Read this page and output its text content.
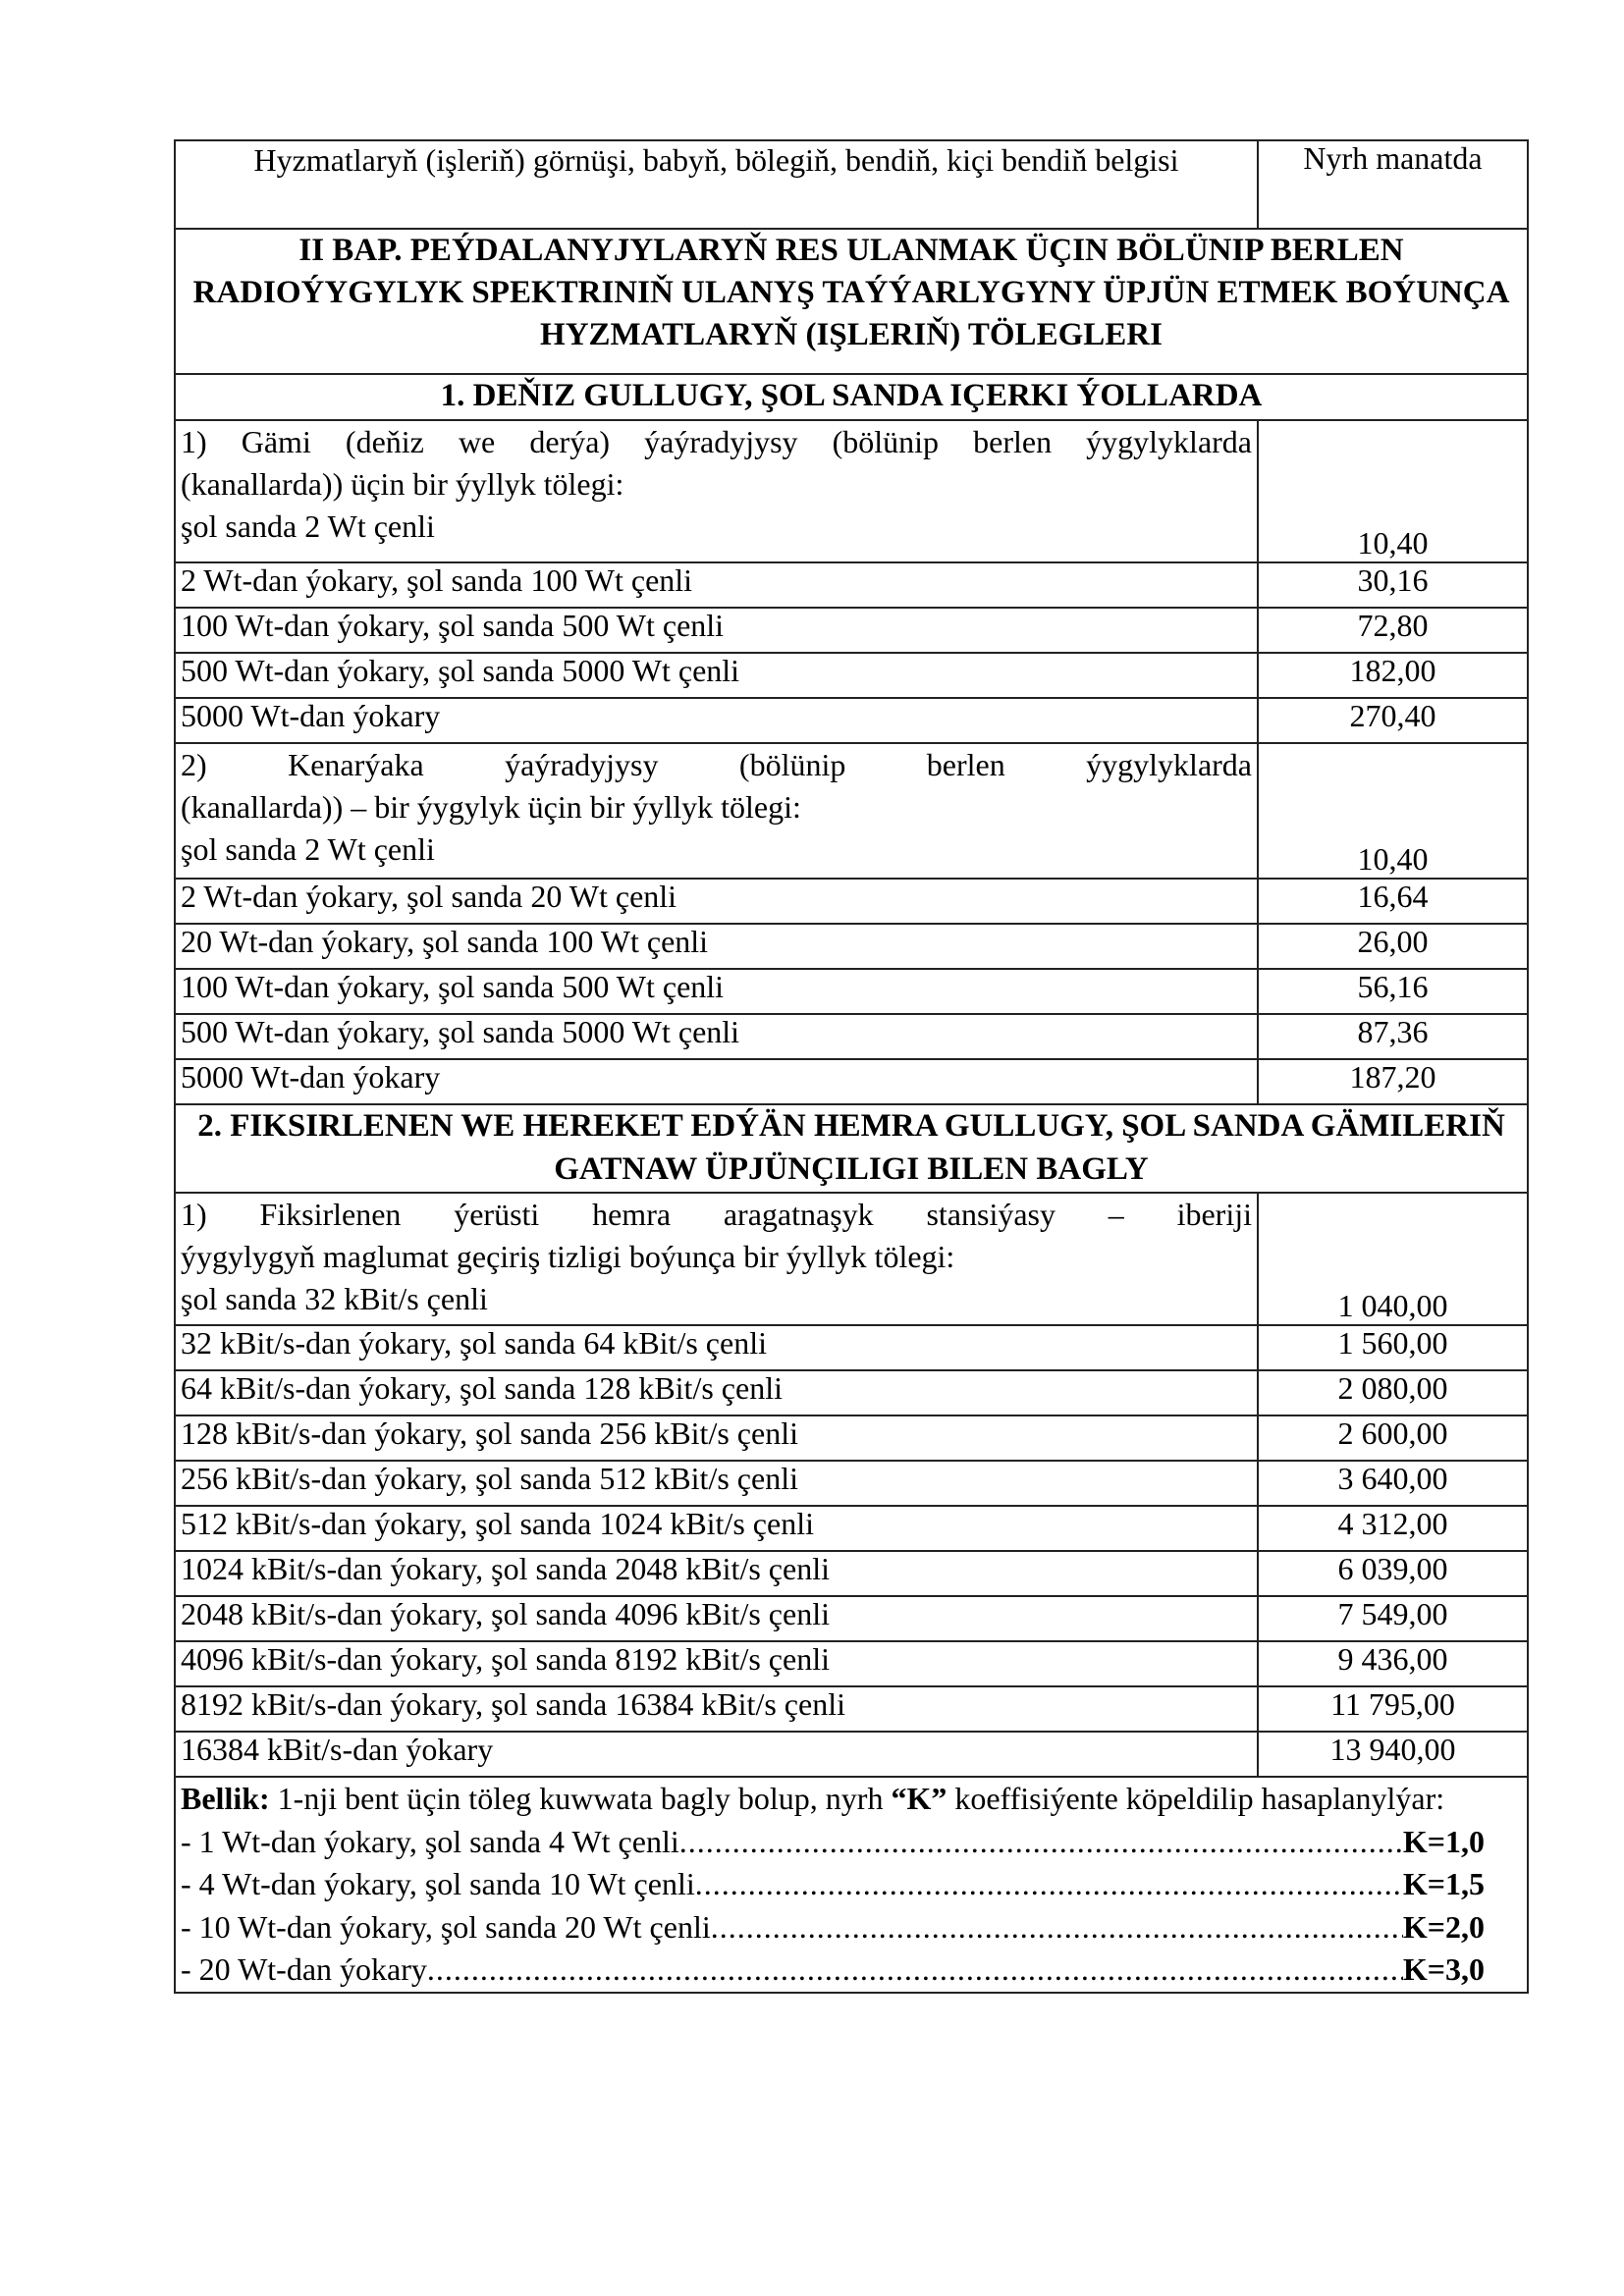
Hyzmatlaryň (işleriň) görnüşi, babyň, bölegiň, bendiň, kiçi bendiň belgisi	Nyrh manatda
II BAP. PEÝDALANYJYLARYŇ RES ULANMAK ÜÇIN BÖLÜNIP BERLEN RADIOÝYGYLYK SPEKTRINIŇ ULANYŞ TAÝÝARLYGYNY ÜPJÜN ETMEK BOÝUNÇA HYZMATLARYŇ (IŞLERIŇ) TÖLEGLERI	
1. DEŇIZ GULLUGY, ŞOL SANDA IÇERKI ÝOLLARDA	

1) Gämi (deňiz we derýa) ýaýradyjysy (bölünip berlen ýygylyklarda
(kanallarda)) üçin bir ýyllyk tölegi:
şol sanda 2 Wt çenli	10,40
2 Wt-dan ýokary, şol sanda 100 Wt çenli	30,16
100 Wt-dan ýokary, şol sanda 500 Wt çenli	72,80
500 Wt-dan ýokary, şol sanda 5000 Wt çenli	182,00
5000 Wt-dan ýokary	270,40

2) Kenarýaka ýaýradyjysy (bölünip berlen ýygylyklarda
(kanallarda)) – bir ýygylyk üçin bir ýyllyk tölegi:
şol sanda 2 Wt çenli	10,40
2 Wt-dan ýokary, şol sanda 20 Wt çenli	16,64
20 Wt-dan ýokary, şol sanda 100 Wt çenli	26,00
100 Wt-dan ýokary, şol sanda 500 Wt çenli	56,16
500 Wt-dan ýokary, şol sanda 5000 Wt çenli	87,36
5000 Wt-dan ýokary	187,20
2. FIKSIRLENEN WE HEREKET EDÝÄN HEMRA GULLUGY, ŞOL SANDA GÄMILERIŇ GATNAW ÜPJÜNÇILIGI BILEN BAGLY	

1) Fiksirlenen ýerüsti hemra aragatnaşyk stansiýasy – iberiji
ýygylygyň maglumat geçiriş tizligi boýunça bir ýyllyk tölegi:
şol sanda 32 kBit/s çenli	1 040,00
32 kBit/s-dan ýokary, şol sanda 64 kBit/s çenli	1 560,00
64 kBit/s-dan ýokary, şol sanda 128 kBit/s çenli	2 080,00
128 kBit/s-dan ýokary, şol sanda 256 kBit/s çenli	2 600,00
256 kBit/s-dan ýokary, şol sanda 512 kBit/s çenli	3 640,00
512 kBit/s-dan ýokary, şol sanda 1024 kBit/s çenli	4 312,00
1024 kBit/s-dan ýokary, şol sanda 2048 kBit/s çenli	6 039,00
2048 kBit/s-dan ýokary, şol sanda 4096 kBit/s çenli	7 549,00
4096 kBit/s-dan ýokary, şol sanda 8192 kBit/s çenli	9 436,00
8192 kBit/s-dan ýokary, şol sanda 16384 kBit/s çenli	11 795,00
16384 kBit/s-dan ýokary	13 940,00

Bellik: 1-nji bent üçin töleg kuwwata bagly bolup, nyrh “K” koeffisiýente köpeldilip hasaplanylýar:
- 1 Wt-dan ýokary, şol sanda 4 Wt çenli .....	K=1,0
- 4 Wt-dan ýokary, şol sanda 10 Wt çenli .....	K=1,5
- 10 Wt-dan ýokary, şol sanda 20 Wt çenli .....	K=2,0
- 20 Wt-dan ýokary .....	K=3,0
